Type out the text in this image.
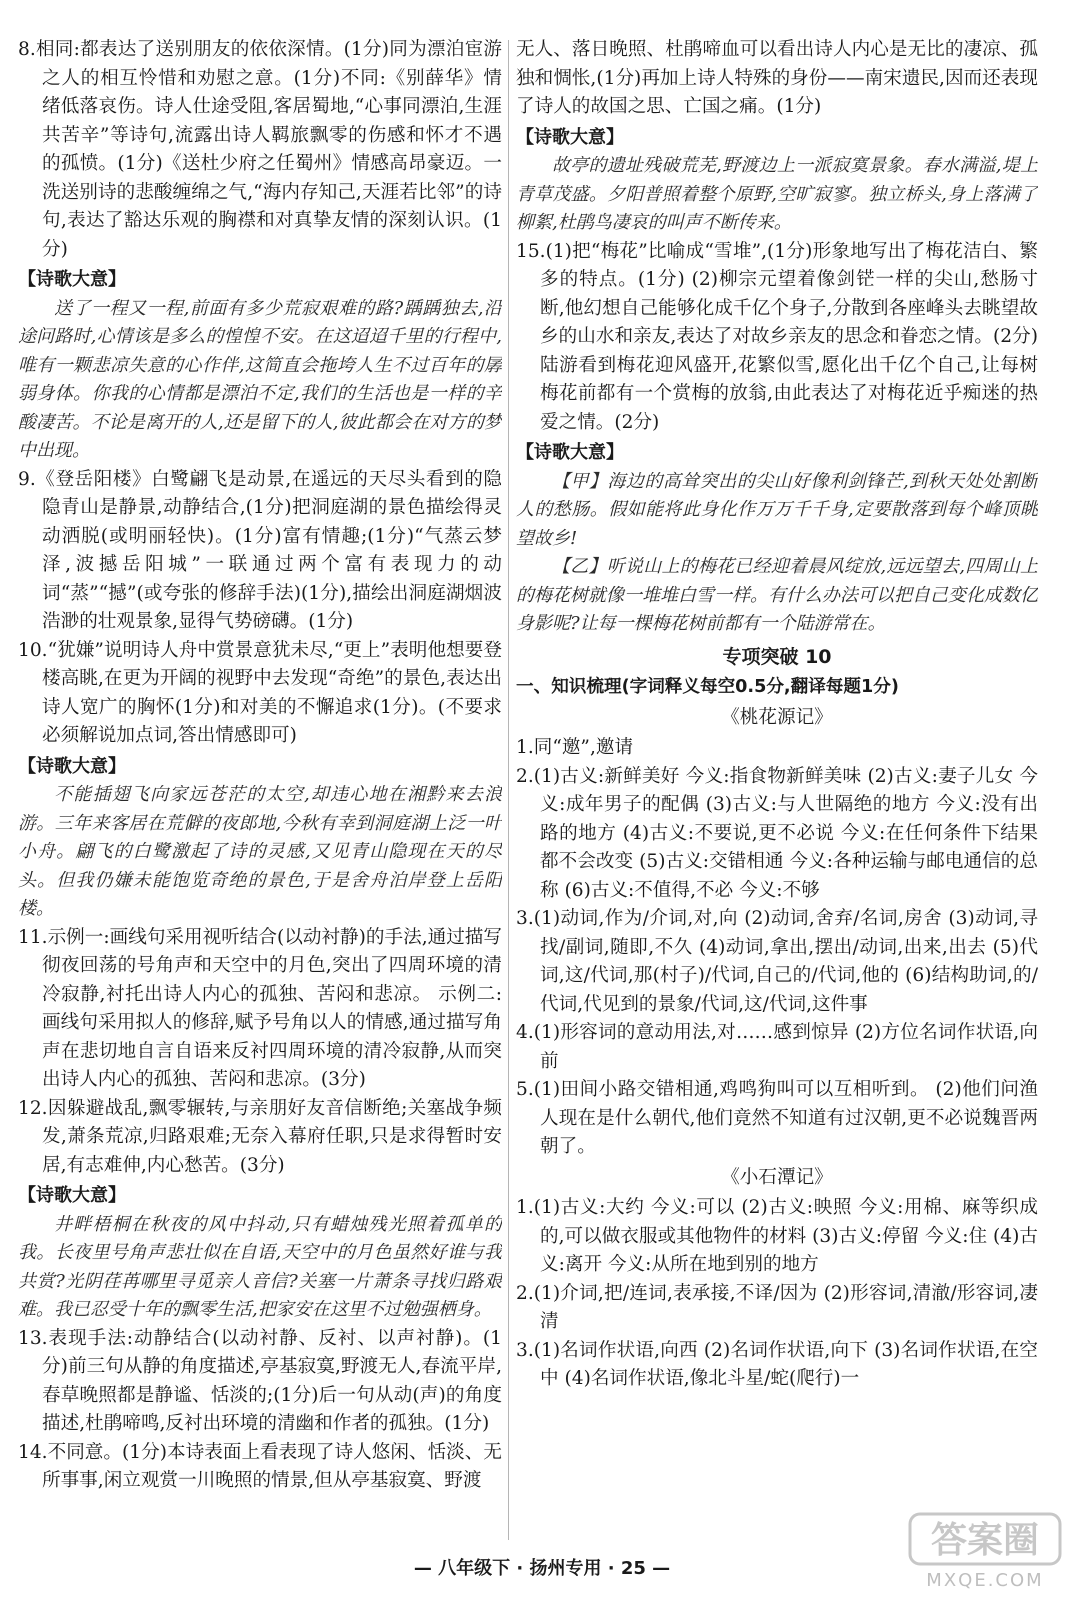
8.相同:都表达了送别朋友的依依深情。(1分)同为漂泊宦游之人的相互怜惜和劝慰之意。(1分)不同:《别薛华》情绪低落哀伤。诗人仕途受阻,客居蜀地,“心事同漂泊,生涯共苦辛”等诗句,流露出诗人羁旅飘零的伤感和怀才不遇的孤愤。(1分)《送杜少府之任蜀州》情感高昂豪迈。一洗送别诗的悲酸缠绵之气,“海内存知己,天涯若比邻”的诗句,表达了豁达乐观的胸襟和对真挚友情的深刻认识。(1分)

【诗歌大意】

送了一程又一程,前面有多少荒寂艰难的路?踽踽独去,沿途问路时,心情该是多么的惶惶不安。在这迢迢千里的行程中,唯有一颗悲凉失意的心作伴,这简直会拖垮人生不过百年的孱弱身体。你我的心情都是漂泊不定,我们的生活也是一样的辛酸凄苦。不论是离开的人,还是留下的人,彼此都会在对方的梦中出现。

9.《登岳阳楼》白鹭翩飞是动景,在遥远的天尽头看到的隐隐青山是静景,动静结合,(1分)把洞庭湖的景色描绘得灵动洒脱(或明丽轻快)。(1分)富有情趣;(1分)“气蒸云梦泽,波撼岳阳城”一联通过两个富有表现力的动词“蒸”“撼”(或夸张的修辞手法)(1分),描绘出洞庭湖烟波浩渺的壮观景象,显得气势磅礴。(1分)

10.“犹嫌”说明诗人舟中赏景意犹未尽,“更上”表明他想要登楼高眺,在更为开阔的视野中去发现“奇绝”的景色,表达出诗人宽广的胸怀(1分)和对美的不懈追求(1分)。(不要求必须解说加点词,答出情感即可)

【诗歌大意】

不能插翅飞向家远苍茫的太空,却违心地在湘黔来去浪游。三年来客居在荒僻的夜郎地,今秋有幸到洞庭湖上泛一叶小舟。翩飞的白鹭激起了诗的灵感,又见青山隐现在天的尽头。但我仍嫌未能饱览奇绝的景色,于是舍舟泊岸登上岳阳楼。

11.示例一:画线句采用视听结合(以动衬静)的手法,通过描写彻夜回荡的号角声和天空中的月色,突出了四周环境的清冷寂静,衬托出诗人内心的孤独、苦闷和悲凉。 示例二:画线句采用拟人的修辞,赋予号角以人的情感,通过描写角声在悲切地自言自语来反衬四周环境的清冷寂静,从而突出诗人内心的孤独、苦闷和悲凉。(3分)

12.因躲避战乱,飘零辗转,与亲朋好友音信断绝;关塞战争频发,萧条荒凉,归路艰难;无奈入幕府任职,只是求得暂时安居,有志难伸,内心愁苦。(3分)

【诗歌大意】

井畔梧桐在秋夜的风中抖动,只有蜡烛残光照着孤单的我。长夜里号角声悲壮似在自语,天空中的月色虽然好谁与我共赏?光阴荏苒哪里寻觅亲人音信?关塞一片萧条寻找归路艰难。我已忍受十年的飘零生活,把家安在这里不过勉强栖身。

13.表现手法:动静结合(以动衬静、反衬、以声衬静)。(1分)前三句从静的角度描述,亭基寂寞,野渡无人,春流平岸,春草晚照都是静谧、恬淡的;(1分)后一句从动(声)的角度描述,杜鹃啼鸣,反衬出环境的清幽和作者的孤独。(1分)

14.不同意。(1分)本诗表面上看表现了诗人悠闲、恬淡、无所事事,闲立观赏一川晚照的情景,但从亭基寂寞、野渡

无人、落日晚照、杜鹃啼血可以看出诗人内心是无比的凄凉、孤独和惆怅,(1分)再加上诗人特殊的身份——南宋遗民,因而还表现了诗人的故国之思、亡国之痛。(1分)

【诗歌大意】

故亭的遗址残破荒芜,野渡边上一派寂寞景象。春水满溢,堤上青草茂盛。夕阳普照着整个原野,空旷寂寥。独立桥头,身上落满了柳絮,杜鹃鸟凄哀的叫声不断传来。

15.(1)把“梅花”比喻成“雪堆”,(1分)形象地写出了梅花洁白、繁多的特点。(1分) (2)柳宗元望着像剑铓一样的尖山,愁肠寸断,他幻想自己能够化成千亿个身子,分散到各座峰头去眺望故乡的山水和亲友,表达了对故乡亲友的思念和眷恋之情。(2分)陆游看到梅花迎风盛开,花繁似雪,愿化出千亿个自己,让每树梅花前都有一个赏梅的放翁,由此表达了对梅花近乎痴迷的热爱之情。(2分)

【诗歌大意】

【甲】海边的高耸突出的尖山好像利剑锋芒,到秋天处处割断人的愁肠。假如能将此身化作万万千千身,定要散落到每个峰顶眺望故乡!

【乙】听说山上的梅花已经迎着晨风绽放,远远望去,四周山上的梅花树就像一堆堆白雪一样。有什么办法可以把自己变化成数亿身影呢?让每一棵梅花树前都有一个陆游常在。

专项突破 10

一、知识梳理(字词释义每空0.5分,翻译每题1分)

《桃花源记》

1.同“邀”,邀请

2.(1)古义:新鲜美好 今义:指食物新鲜美味 (2)古义:妻子儿女 今义:成年男子的配偶 (3)古义:与人世隔绝的地方 今义:没有出路的地方 (4)古义:不要说,更不必说 今义:在任何条件下结果都不会改变 (5)古义:交错相通 今义:各种运输与邮电通信的总称 (6)古义:不值得,不必 今义:不够

3.(1)动词,作为/介词,对,向 (2)动词,舍弃/名词,房舍 (3)动词,寻找/副词,随即,不久 (4)动词,拿出,摆出/动词,出来,出去 (5)代词,这/代词,那(村子)/代词,自己的/代词,他的 (6)结构助词,的/代词,代见到的景象/代词,这/代词,这件事

4.(1)形容词的意动用法,对……感到惊异 (2)方位名词作状语,向前

5.(1)田间小路交错相通,鸡鸣狗叫可以互相听到。 (2)他们问渔人现在是什么朝代,他们竟然不知道有过汉朝,更不必说魏晋两朝了。

《小石潭记》

1.(1)古义:大约 今义:可以 (2)古义:映照 今义:用棉、麻等织成的,可以做衣服或其他物件的材料 (3)古义:停留 今义:住 (4)古义:离开 今义:从所在地到别的地方

2.(1)介词,把/连词,表承接,不译/因为 (2)形容词,清澈/形容词,凄清

3.(1)名词作状语,向西 (2)名词作状语,向下 (3)名词作状语,在空中 (4)名词作状语,像北斗星/蛇(爬行)一

— 八年级下 · 扬州专用 · 25 —
答案圈
MXQE.COM
